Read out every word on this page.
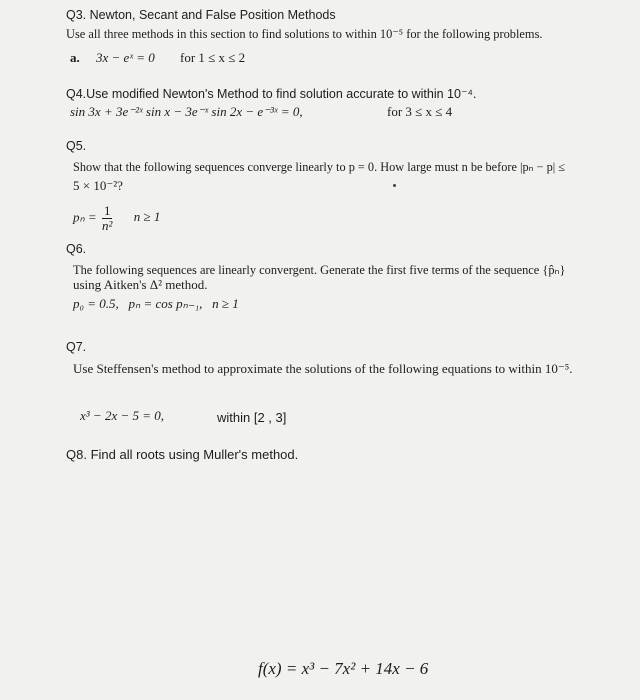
Q3. Newton, Secant and False Position Methods
Use all three methods in this section to find solutions to within 10⁻⁵ for the following problems.
a. 3x − eˣ = 0 for 1 ≤ x ≤ 2
Q4.Use modified Newton's Method to find solution accurate to within 10⁻⁴.
sin 3x + 3e⁻²ˣ sin x − 3e⁻ˣ sin 2x − e⁻³ˣ = 0,	for 3 ≤ x ≤ 4
Q5.
Show that the following sequences converge linearly to p = 0. How large must n be before |pₙ − p| ≤
5 × 10⁻²?
$p_n = \frac{1}{\text{n²}}$ n ≥ 1
Q6.
The following sequences are linearly convergent. Generate the first five terms of the sequence {p̂ₙ}
using Aitken's Δ² method.
p₀ = 0.5,   pₙ = cos pₙ₋₁,   n ≥ 1
Q7.
Use Steffensen's method to approximate the solutions of the following equations to within 10⁻⁵.
x³ − 2x − 5 = 0,	within [2 , 3]
Q8. Find all roots using Muller's method.
f(x) = x³ − 7x² + 14x − 6
